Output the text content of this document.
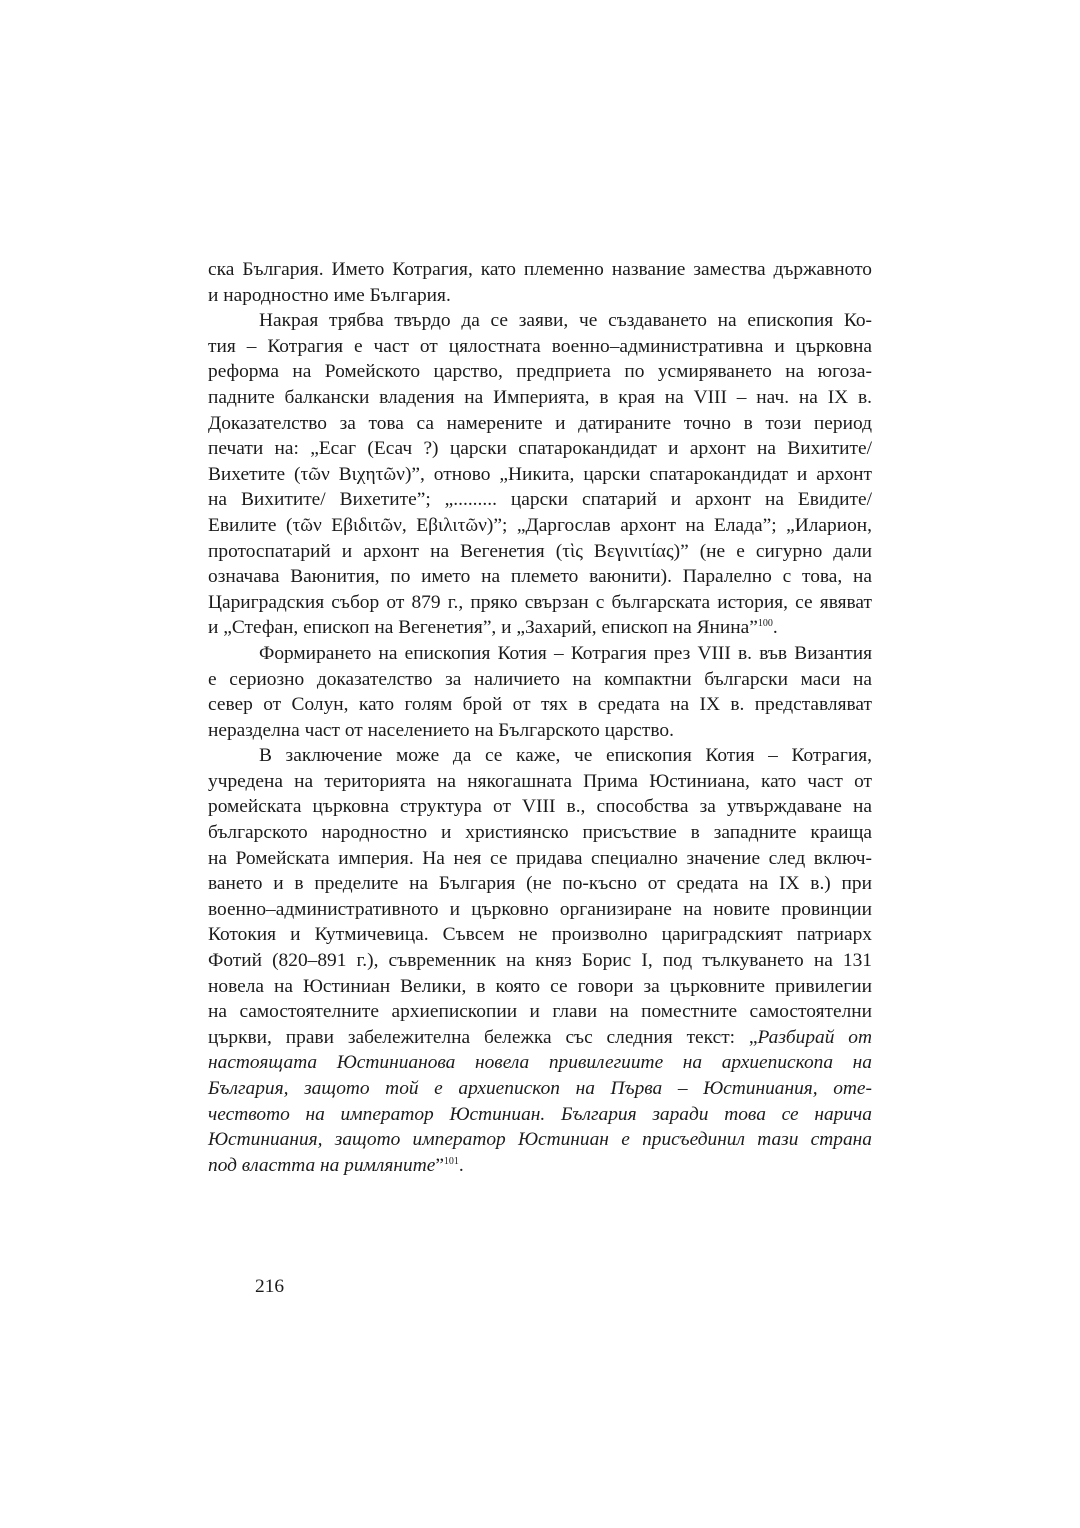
ска България. Името Котрагия, като племенно название замества държавното
и народностно име България.
Накрая трябва твърдо да се заяви, че създаването на епископия Ко-
тия – Котрагия е част от цялостната военно–административна и църковна
реформа на Ромейското царство, предприета по усмиряването на югоза-
падните балкански владения на Империята, в края на VIII – нач. на IX в.
Доказателство за това са намерените и датираните точно в този период
печати на: „Есаг (Есач ?) царски спатарокандидат и архонт на Вихитите/
Вихетите (τῶν Βιχητῶν)”, отново „Никита, царски спатарокандидат и архонт
на Вихитите/ Вихетите”; „......... царски спатарий и архонт на Евидите/
Евилите (τῶν Εβιδιτῶν, Εβιλιτῶν)”; „Даргослав архонт на Елада”; „Иларион,
протоспатарий и архонт на Вегенетия (τὶς Βεγινιτίας)” (не е сигурно дали
означава Ваюнития, по името на племето ваюнити). Паралелно с това, на
Цариградския събор от 879 г., пряко свързан с българската история, се явяват
и „Стефан, епископ на Вегенетия”, и „Захарий, епископ на Янина”$^{100}$.
Формирането на епископия Котия – Котрагия през VIII в. във Византия
е сериозно доказателство за наличието на компактни български маси на
север от Солун, като голям брой от тях в средата на IX в. представляват
неразделна част от населението на Българското царство.
В заключение може да се каже, че епископия Котия – Котрагия,
учредена на територията на някогашната Прима Юстиниана, като част от
ромейската църковна структура от VIII в., способства за утвърждаване на
българското народностно и християнско присъствие в западните краища
на Ромейската империя. На нея се придава специално значение след включ-
ването и в пределите на България (не по-късно от средата на IX в.) при
военно–административното и църковно организиране на новите провинции
Котокия и Кутмичевица. Съвсем не произволно цариградският патриарх
Фотий (820–891 г.), съвременник на княз Борис I, под тълкуването на 131
новела на Юстиниан Велики, в която се говори за църковните привилегии
на самостоятелните архиепископии и глави на поместните самостоятелни
църкви, прави забележителна бележка със следния текст: „Разбирай от
настоящата Юстинианова новела привилегиите на архиепископа на
България, защото той е архиепископ на Първа – Юстиниания, оте-
чеството на император Юстиниан. България заради това се нарича
Юстиниания, защото император Юстиниан е присъединил тази страна
под властта на римляните”$^{101}$.
216
